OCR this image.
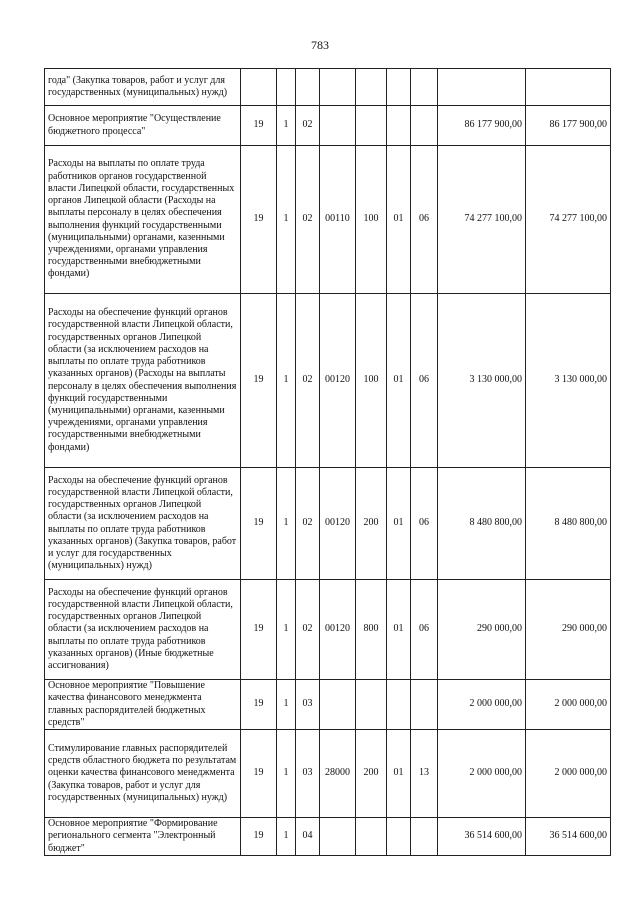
783
года" (Закупка товаров, работ и услуг для государственных (муниципальных) нужд)									
Основное мероприятие "Осуществление бюджетного процесса"	19	1	02					86 177 900,00	86 177 900,00
Расходы на выплаты по оплате труда работников органов государственной власти Липецкой области, государственных органов Липецкой области (Расходы на выплаты персоналу в целях обеспечения выполнения функций государственными (муниципальными) органами, казенными учреждениями, органами управления государственными внебюджетными фондами)	19	1	02	00110	100	01	06	74 277 100,00	74 277 100,00
Расходы на обеспечение функций органов государственной власти Липецкой области, государственных органов Липецкой области (за исключением расходов на выплаты по оплате труда работников указанных органов) (Расходы на выплаты персоналу в целях обеспечения выполнения функций государственными (муниципальными) органами, казенными учреждениями, органами управления государственными внебюджетными фондами)	19	1	02	00120	100	01	06	3 130 000,00	3 130 000,00
Расходы на обеспечение функций органов государственной власти Липецкой области, государственных органов Липецкой области (за исключением расходов на выплаты по оплате труда работников указанных органов) (Закупка товаров, работ и услуг для государственных (муниципальных) нужд)	19	1	02	00120	200	01	06	8 480 800,00	8 480 800,00
Расходы на обеспечение функций органов государственной власти Липецкой области, государственных органов Липецкой области (за исключением расходов на выплаты по оплате труда работников указанных органов) (Иные бюджетные ассигнования)	19	1	02	00120	800	01	06	290 000,00	290 000,00
Основное мероприятие "Повышение качества финансового менеджмента главных распорядителей бюджетных средств"	19	1	03					2 000 000,00	2 000 000,00
Стимулирование главных распорядителей средств областного бюджета по результатам оценки качества финансового менеджмента (Закупка товаров, работ и услуг для государственных (муниципальных) нужд)	19	1	03	28000	200	01	13	2 000 000,00	2 000 000,00
Основное мероприятие "Формирование регионального сегмента "Электронный бюджет"	19	1	04					36 514 600,00	36 514 600,00
